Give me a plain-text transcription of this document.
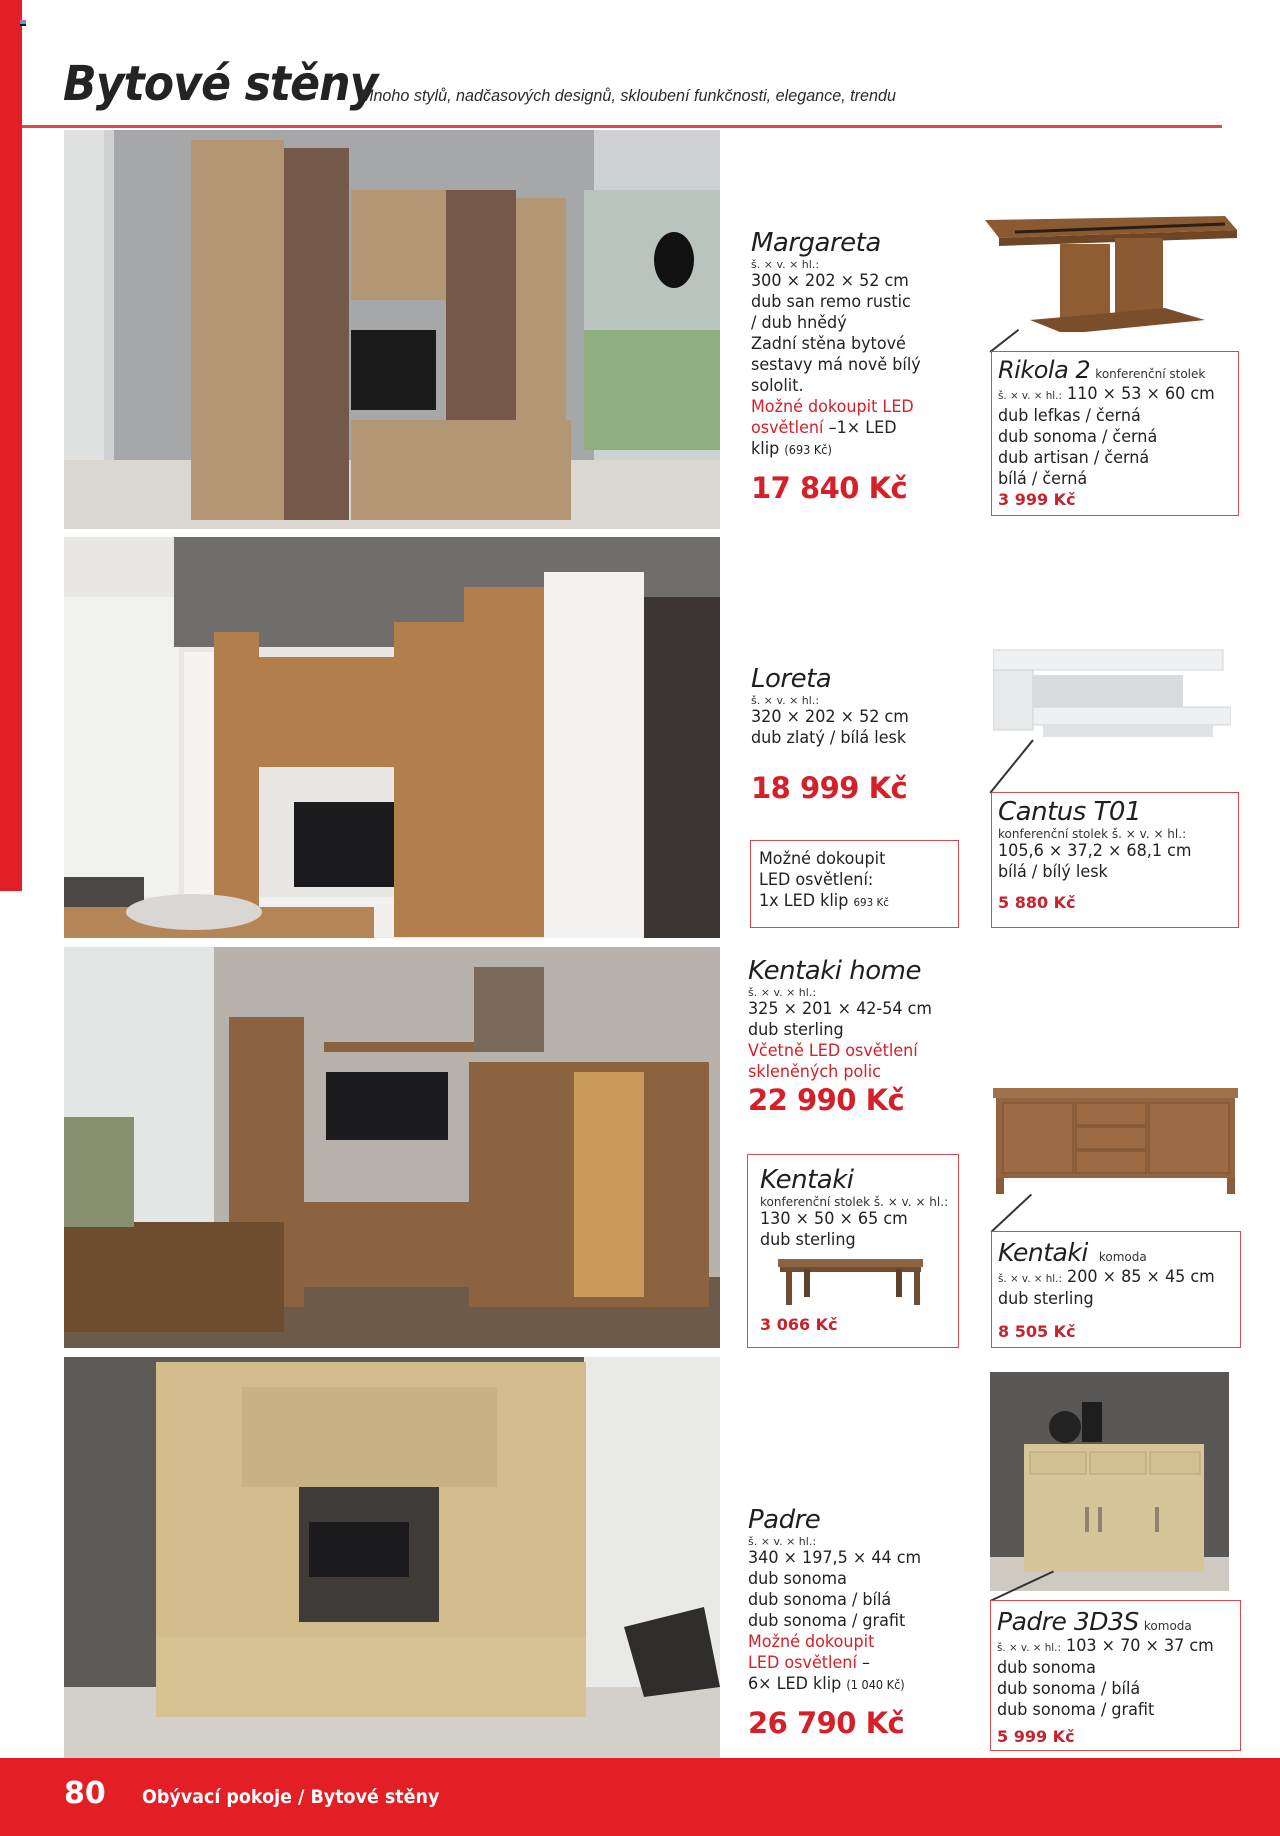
Bytové stěny
Mnoho stylů, nadčasových designů, skloubení funkčnosti, elegance, trendu
Margareta
š. × v. × hl.:
300 × 202 × 52 cm
dub san remo rustic
/ dub hnědý
Zadní stěna bytové
sestavy má nově bílý
sololit.
Možné dokoupit LED
osvětlení –1× LED
klip (693 Kč)
17 840 Kč
Rikola 2 konferenční stolek
š. × v. × hl.: 110 × 53 × 60 cm
dub lefkas / černá
dub sonoma / černá
dub artisan / černá
bílá / černá
3 999 Kč
Loreta
š. × v. × hl.:
320 × 202 × 52 cm
dub zlatý / bílá lesk
18 999 Kč
Možné dokoupit
LED osvětlení:
1x LED klip 693 Kč
Cantus T01
konferenční stolek š. × v. × hl.:
105,6 × 37,2 × 68,1 cm
bílá / bílý lesk
5 880 Kč
Kentaki home
š. × v. × hl.:
325 × 201 × 42-54 cm
dub sterling
Včetně LED osvětlení
skleněných polic
22 990 Kč
Kentaki
konferenční stolek š. × v. × hl.:
130 × 50 × 65 cm
dub sterling
3 066 Kč
Kentaki komoda
š. × v. × hl.: 200 × 85 × 45 cm
dub sterling
8 505 Kč
Padre
š. × v. × hl.:
340 × 197,5 × 44 cm
dub sonoma
dub sonoma / bílá
dub sonoma / grafit
Možné dokoupit
LED osvětlení –
6× LED klip (1 040 Kč)
26 790 Kč
Padre 3D3S komoda
š. × v. × hl.: 103 × 70 × 37 cm
dub sonoma
dub sonoma / bílá
dub sonoma / grafit
5 999 Kč
80 Obývací pokoje / Bytové stěny
